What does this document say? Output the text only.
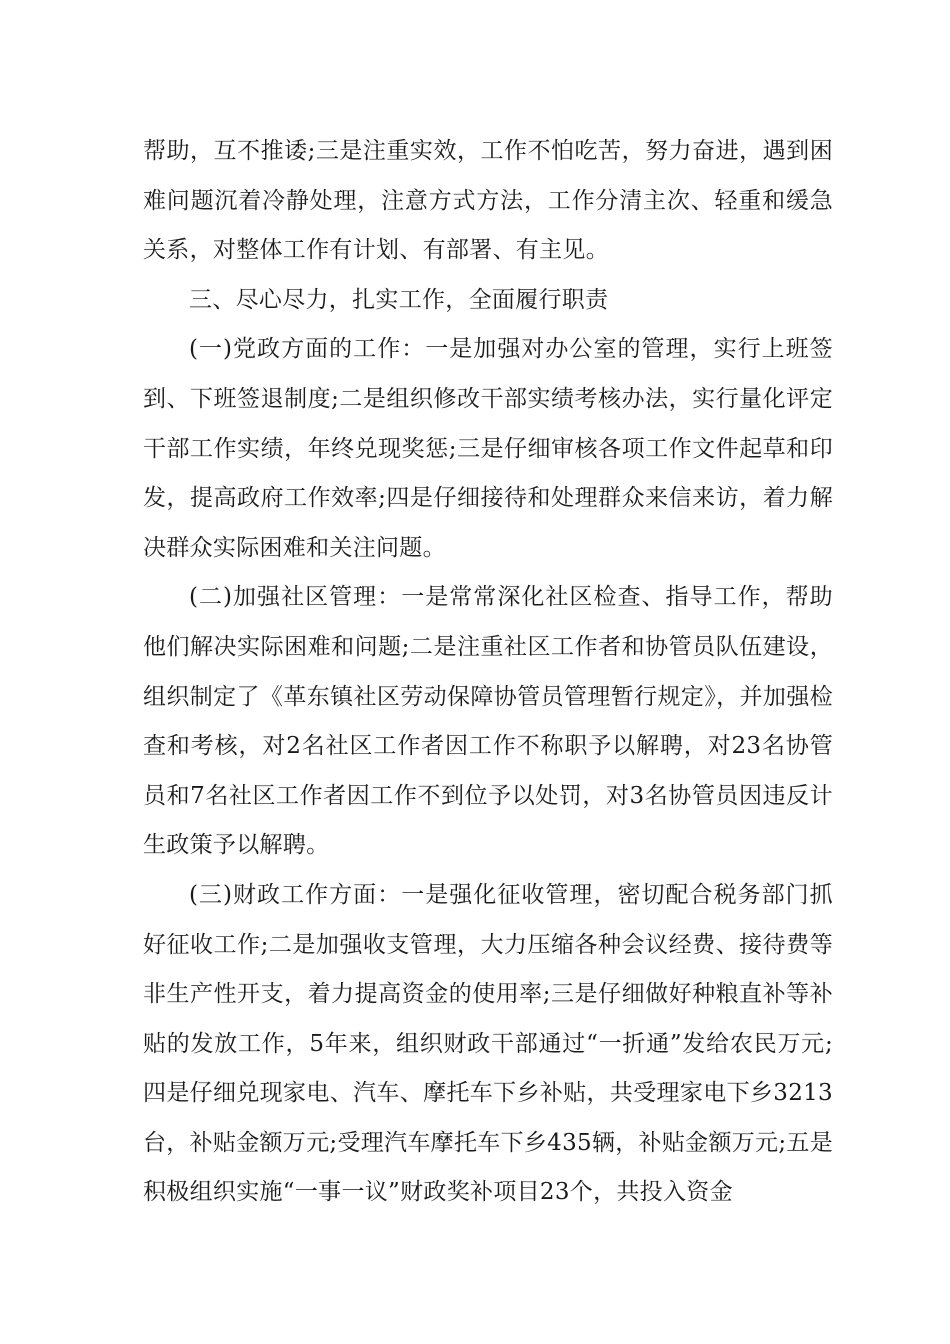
帮助，互不推诿;三是注重实效，工作不怕吃苦，努力奋进，遇到困难问题沉着冷静处理，注意方式方法，工作分清主次、轻重和缓急关系，对整体工作有计划、有部署、有主见。

三、尽心尽力，扎实工作，全面履行职责

(一)党政方面的工作：一是加强对办公室的管理，实行上班签到、下班签退制度;二是组织修改干部实绩考核办法，实行量化评定干部工作实绩，年终兑现奖惩;三是仔细审核各项工作文件起草和印发，提高政府工作效率;四是仔细接待和处理群众来信来访，着力解决群众实际困难和关注问题。

(二)加强社区管理：一是常常深化社区检查、指导工作，帮助他们解决实际困难和问题;二是注重社区工作者和协管员队伍建设，组织制定了《革东镇社区劳动保障协管员管理暂行规定》，并加强检查和考核，对2名社区工作者因工作不称职予以解聘，对23名协管员和7名社区工作者因工作不到位予以处罚，对3名协管员因违反计生政策予以解聘。

(三)财政工作方面：一是强化征收管理，密切配合税务部门抓好征收工作;二是加强收支管理，大力压缩各种会议经费、接待费等非生产性开支，着力提高资金的使用率;三是仔细做好种粮直补等补贴的发放工作，5年来，组织财政干部通过“一折通”发给农民万元;四是仔细兑现家电、汽车、摩托车下乡补贴，共受理家电下乡3213台，补贴金额万元;受理汽车摩托车下乡435辆，补贴金额万元;五是积极组织实施“一事一议”财政奖补项目23个，共投入资金
